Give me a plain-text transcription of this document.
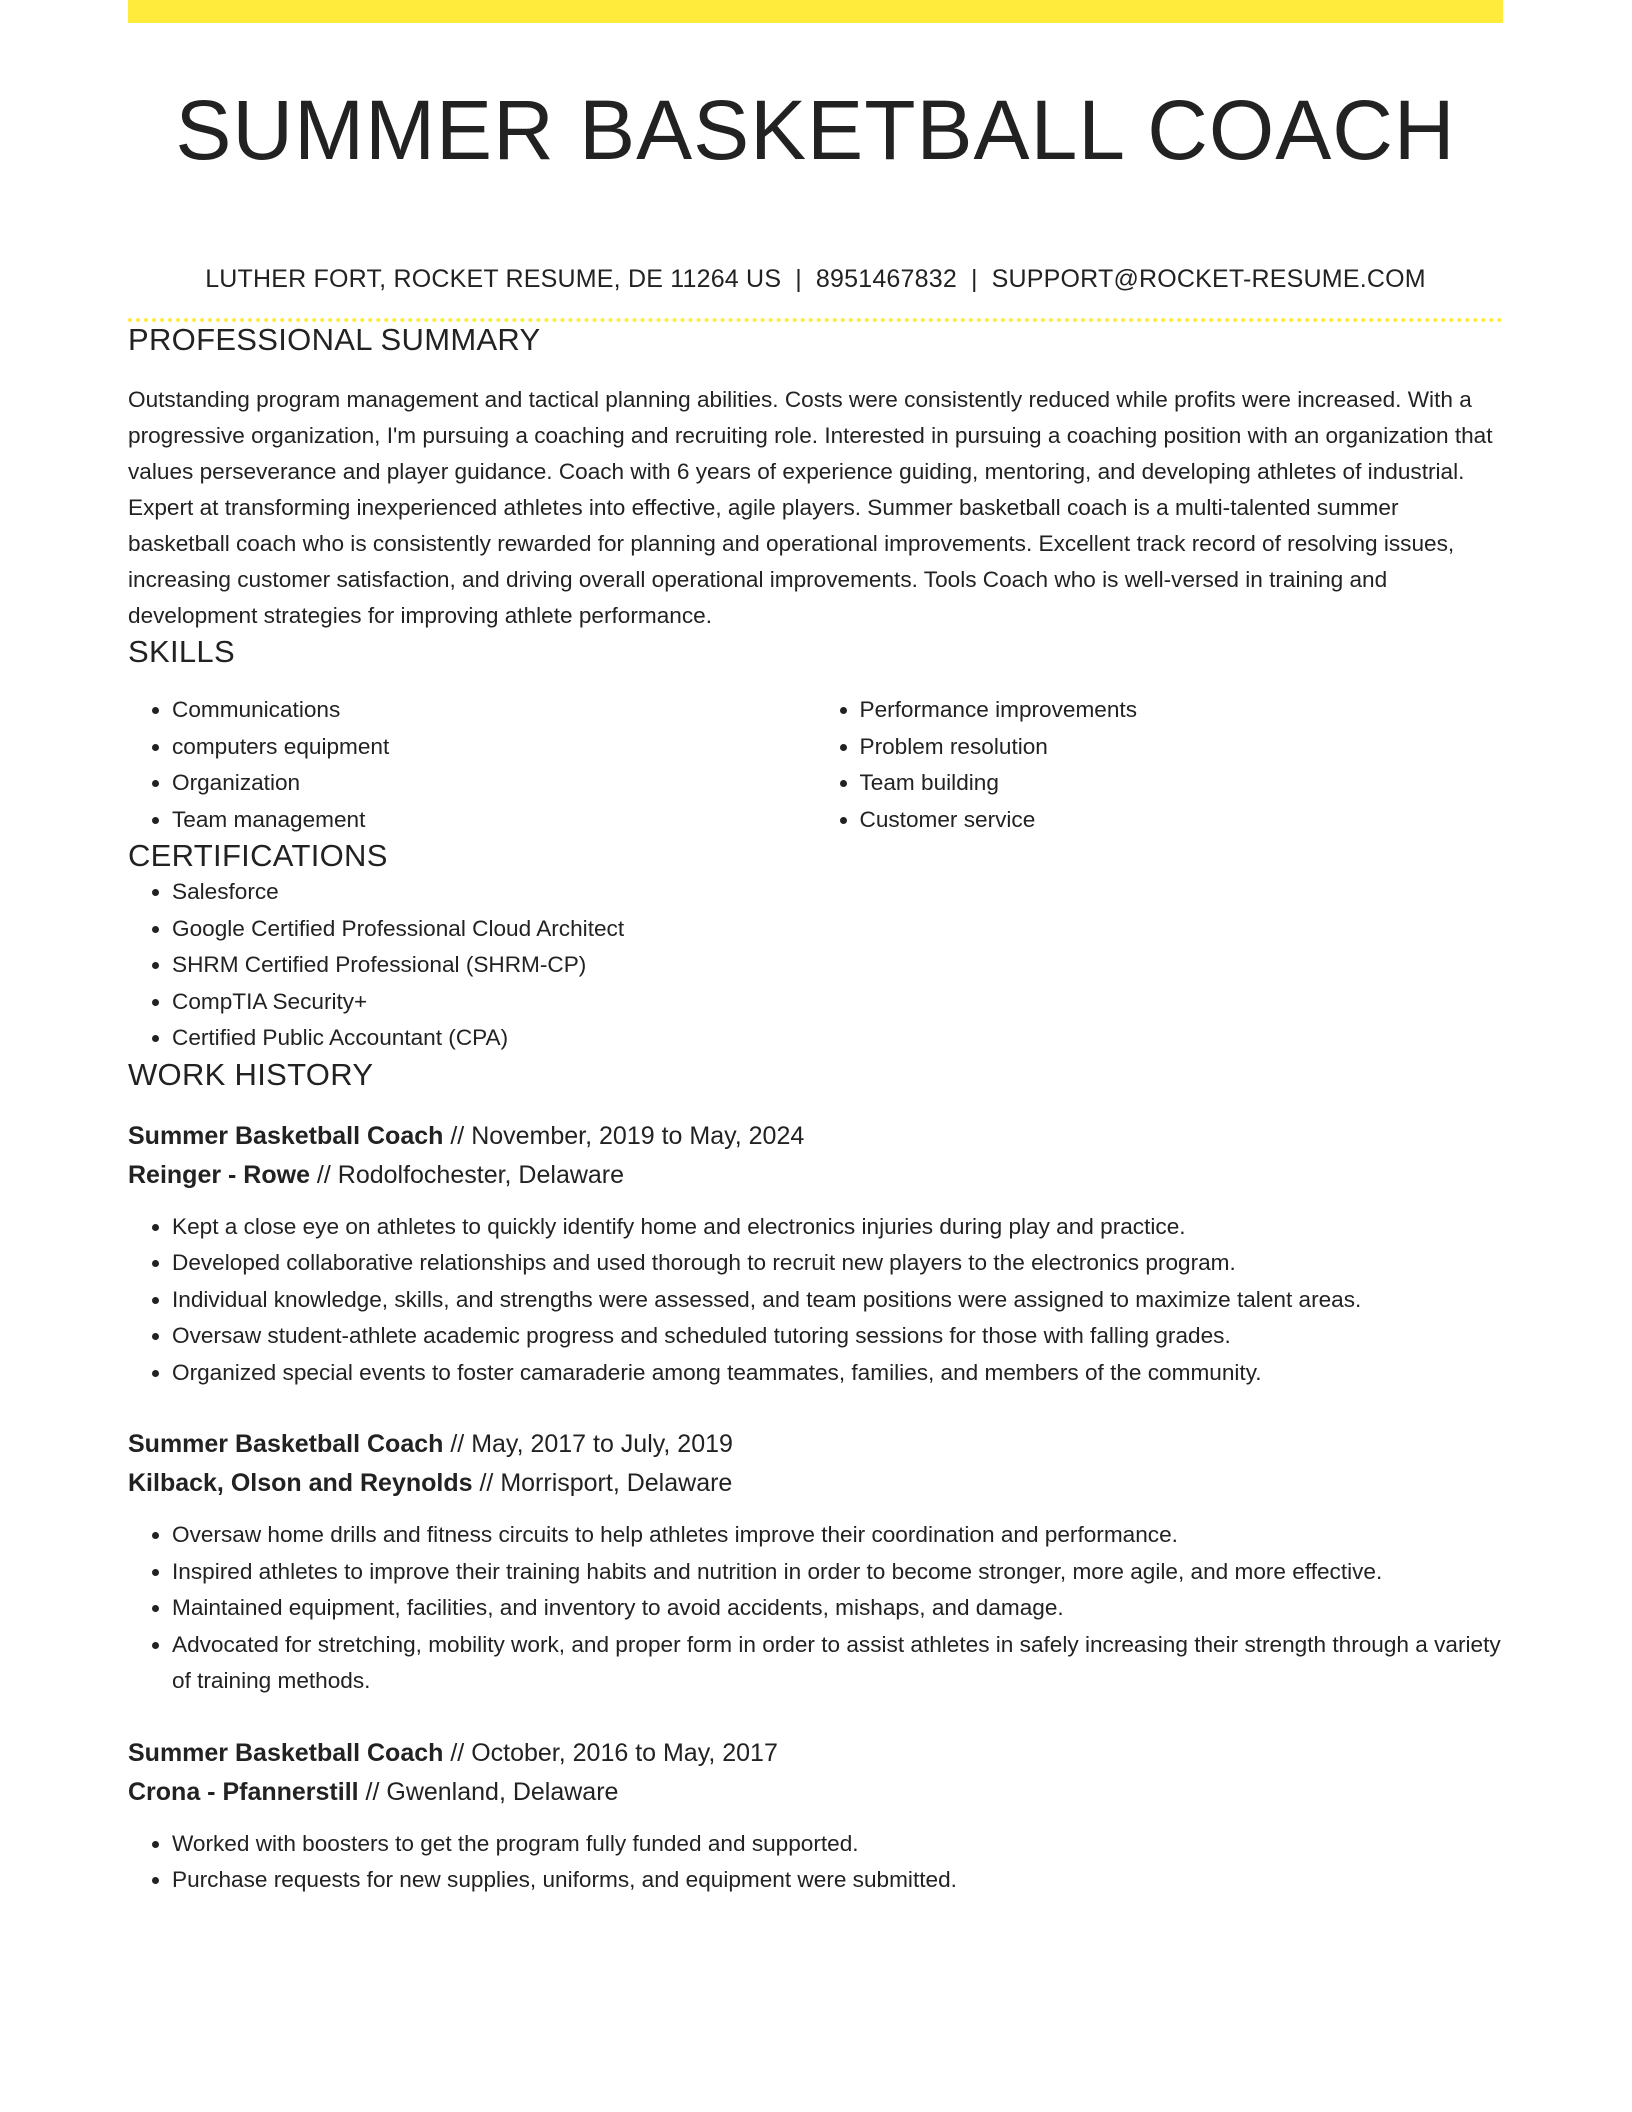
SUMMER BASKETBALL COACH
LUTHER FORT, ROCKET RESUME, DE 11264 US | 8951467832 | SUPPORT@ROCKET-RESUME.COM
PROFESSIONAL SUMMARY

Outstanding program management and tactical planning abilities. Costs were consistently reduced while profits were increased. With a progressive organization, I'm pursuing a coaching and recruiting role. Interested in pursuing a coaching position with an organization that values perseverance and player guidance. Coach with 6 years of experience guiding, mentoring, and developing athletes of industrial. Expert at transforming inexperienced athletes into effective, agile players. Summer basketball coach is a multi-talented summer basketball coach who is consistently rewarded for planning and operational improvements. Excellent track record of resolving issues, increasing customer satisfaction, and driving overall operational improvements. Tools Coach who is well-versed in training and development strategies for improving athlete performance.

SKILLS
• Communications
• computers equipment
• Organization
• Team management
• Performance improvements
• Problem resolution
• Team building
• Customer service
CERTIFICATIONS
• Salesforce
• Google Certified Professional Cloud Architect
• SHRM Certified Professional (SHRM-CP)
• CompTIA Security+
• Certified Public Accountant (CPA)
WORK HISTORY
Summer Basketball Coach // November, 2019 to May, 2024
Reinger - Rowe // Rodolfochester, Delaware
• Kept a close eye on athletes to quickly identify home and electronics injuries during play and practice.
• Developed collaborative relationships and used thorough to recruit new players to the electronics program.
• Individual knowledge, skills, and strengths were assessed, and team positions were assigned to maximize talent areas.
• Oversaw student-athlete academic progress and scheduled tutoring sessions for those with falling grades.
• Organized special events to foster camaraderie among teammates, families, and members of the community.
Summer Basketball Coach // May, 2017 to July, 2019
Kilback, Olson and Reynolds // Morrisport, Delaware
• Oversaw home drills and fitness circuits to help athletes improve their coordination and performance.
• Inspired athletes to improve their training habits and nutrition in order to become stronger, more agile, and more effective.
• Maintained equipment, facilities, and inventory to avoid accidents, mishaps, and damage.
• Advocated for stretching, mobility work, and proper form in order to assist athletes in safely increasing their strength through a variety of training methods.
Summer Basketball Coach // October, 2016 to May, 2017
Crona - Pfannerstill // Gwenland, Delaware
• Worked with boosters to get the program fully funded and supported.
• Purchase requests for new supplies, uniforms, and equipment were submitted.
